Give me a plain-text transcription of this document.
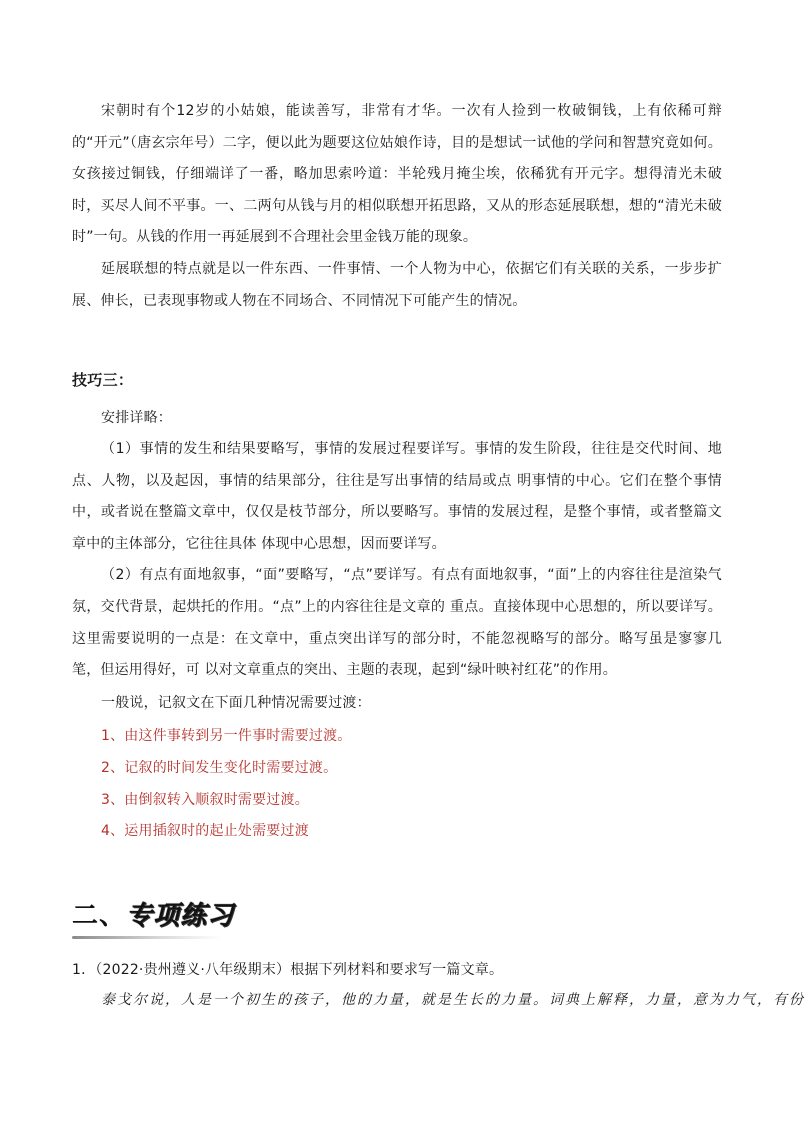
宋朝时有个12岁的小姑娘，能读善写，非常有才华。一次有人捡到一枚破铜钱，上有依稀可辩的“开元”（唐玄宗年号）二字，便以此为题要这位姑娘作诗，目的是想试一试他的学问和智慧究竟如何。女孩接过铜钱，仔细端详了一番，略加思索吟道：半轮残月掩尘埃，依稀犹有开元字。想得清光未破时，买尽人间不平事。一、二两句从钱与月的相似联想开拓思路，又从的形态延展联想，想的“清光未破时”一句。从钱的作用一再延展到不合理社会里金钱万能的现象。

延展联想的特点就是以一件东西、一件事情、一个人物为中心，依据它们有关联的关系，一步步扩展、伸长，已表现事物或人物在不同场合、不同情况下可能产生的情况。

技巧三：
安排详略：

（1）事情的发生和结果要略写，事情的发展过程要详写。事情的发生阶段，往往是交代时间、地点、人物，以及起因，事情的结果部分，往往是写出事情的结局或点 明事情的中心。它们在整个事情中，或者说在整篇文章中，仅仅是枝节部分，所以要略写。事情的发展过程，是整个事情，或者整篇文章中的主体部分，它往往具体 体现中心思想，因而要详写。

（2）有点有面地叙事，“面”要略写，“点”要详写。有点有面地叙事，“面”上的内容往往是渲染气氛，交代背景，起烘托的作用。“点”上的内容往往是文章的 重点。直接体现中心思想的，所以要详写。这里需要说明的一点是：在文章中，重点突出详写的部分时，不能忽视略写的部分。略写虽是寥寥几笔，但运用得好，可 以对文章重点的突出、主题的表现，起到“绿叶映衬红花”的作用。

一般说，记叙文在下面几种情况需要过渡：
1、由这件事转到另一件事时需要过渡。
2、记叙的时间发生变化时需要过渡。
3、由倒叙转入顺叙时需要过渡。
4、运用插叙时的起止处需要过渡
二、专项练习
1．（2022·贵州遵义·八年级期末）根据下列材料和要求写一篇文章。
泰戈尔说，人是一个初生的孩子，他的力量，就是生长的力量。词典上解释，力量，意为力气，有份
